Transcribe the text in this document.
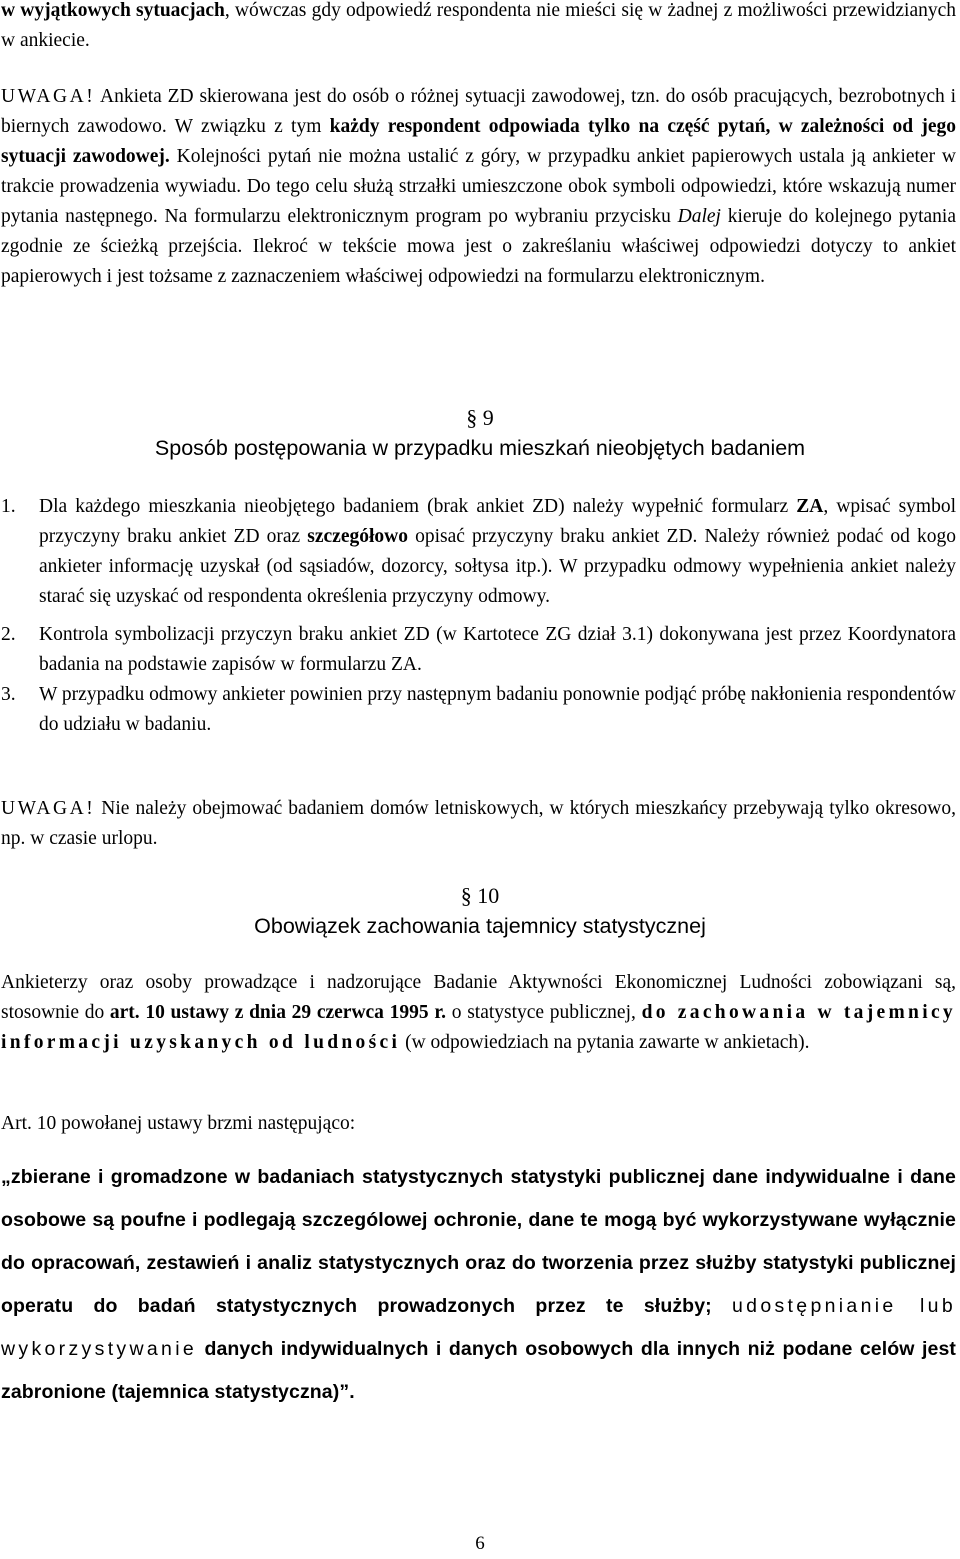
w wyjątkowych sytuacjach, wówczas gdy odpowiedź respondenta nie mieści się w żadnej z możliwości przewidzianych w ankiecie.

UWAGA! Ankieta ZD skierowana jest do osób o różnej sytuacji zawodowej, tzn. do osób pracujących, bezrobotnych i biernych zawodowo. W związku z tym każdy respondent odpowiada tylko na część pytań, w zależności od jego sytuacji zawodowej. Kolejności pytań nie można ustalić z góry, w przypadku ankiet papierowych ustala ją ankieter w trakcie prowadzenia wywiadu. Do tego celu służą strzałki umieszczone obok symboli odpowiedzi, które wskazują numer pytania następnego. Na formularzu elektronicznym program po wybraniu przycisku Dalej kieruje do kolejnego pytania zgodnie ze ścieżką przejścia. Ilekroć w tekście mowa jest o zakreślaniu właściwej odpowiedzi dotyczy to ankiet papierowych i jest tożsame z zaznaczeniem właściwej odpowiedzi na formularzu elektronicznym.

§ 9
Sposób postępowania w przypadku mieszkań nieobjętych badaniem
1. Dla każdego mieszkania nieobjętego badaniem (brak ankiet ZD) należy wypełnić formularz ZA, wpisać symbol przyczyny braku ankiet ZD oraz szczegółowo opisać przyczyny braku ankiet ZD. Należy również podać od kogo ankieter informację uzyskał (od sąsiadów, dozorcy, sołtysa itp.). W przypadku odmowy wypełnienia ankiet należy starać się uzyskać od respondenta określenia przyczyny odmowy.
2. Kontrola symbolizacji przyczyn braku ankiet ZD (w Kartotece ZG dział 3.1) dokonywana jest przez Koordynatora badania na podstawie zapisów w formularzu ZA.
3. W przypadku odmowy ankieter powinien przy następnym badaniu ponownie podjąć próbę nakłonienia respondentów do udziału w badaniu.

UWAGA! Nie należy obejmować badaniem domów letniskowych, w których mieszkańcy przebywają tylko okresowo, np. w czasie urlopu.

§ 10
Obowiązek zachowania tajemnicy statystycznej

Ankieterzy oraz osoby prowadzące i nadzorujące Badanie Aktywności Ekonomicznej Ludności zobowiązani są, stosownie do art. 10 ustawy z dnia 29 czerwca 1995 r. o statystyce publicznej, do zachowania w tajemnicy informacji uzyskanych od ludności (w odpowiedziach na pytania zawarte w ankietach).

Art. 10 powołanej ustawy brzmi następująco:

„zbierane i gromadzone w badaniach statystycznych statystyki publicznej dane indywidualne i dane osobowe są poufne i podlegają szczególowej ochronie, dane te mogą być wykorzystywane wyłącznie do opracowań, zestawień i analiz statystycznych oraz do tworzenia przez służby statystyki publicznej operatu do badań statystycznych prowadzonych przez te służby; udostępnianie lub wykorzystywanie danych indywidualnych i danych osobowych dla innych niż podane celów jest zabronione (tajemnica statystyczna)”.

6
